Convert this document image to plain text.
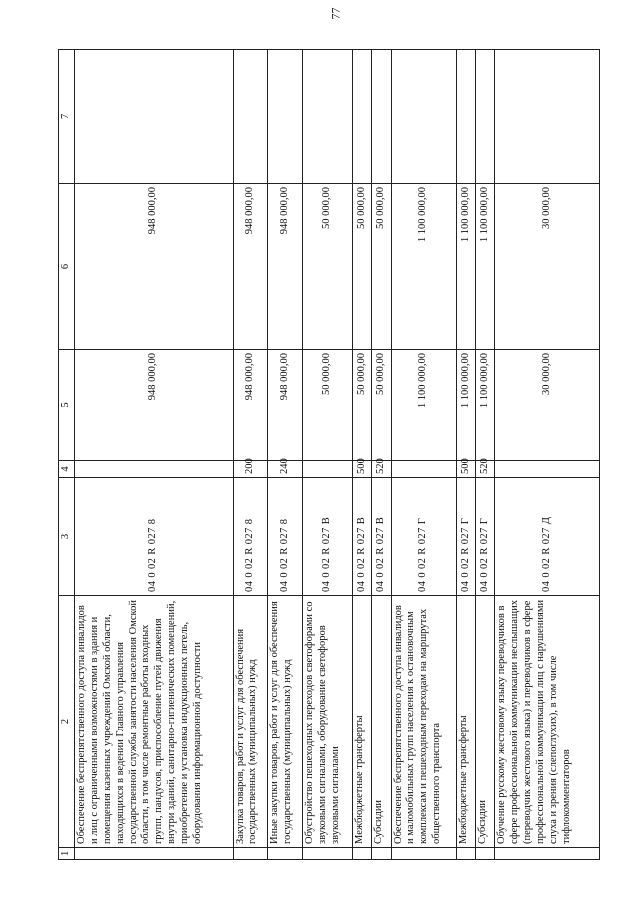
77
1	2	3	4	5	6	7
	Обеспечение беспрепятственного доступа инвалидов и лиц с ограниченными возможностями в здания и помещения казенных учреждений Омской области, находящихся в ведении Главного управления государственной службы занятости населения Омской области, в том числе ремонтные работы входных групп, пандусов, приспособление путей движения внутри зданий, санитарно-гигиенических помещений, приобретение и установка индукционных петель, оборудования информационной доступности	04 0 02 R 027 8		948 000,00	948 000,00	
	Закупка товаров, работ и услуг для обеспечения государственных (муниципальных) нужд	04 0 02 R 027 8	200	948 000,00	948 000,00	
	Иные закупки товаров, работ и услуг для обеспечения государственных (муниципальных) нужд	04 0 02 R 027 8	240	948 000,00	948 000,00	
	Обустройство пешеходных переходов светофорами со звуковыми сигналами, оборудование светофоров звуковыми сигналами	04 0 02 R 027 В		50 000,00	50 000,00	
	Межбюджетные трансферты	04 0 02 R 027 В	500	50 000,00	50 000,00	
	Субсидии	04 0 02 R 027 В	520	50 000,00	50 000,00	
	Обеспечение беспрепятственного доступа инвалидов и маломобильных групп населения к остановочным комплексам и пешеходным переходам на маршрутах общественного транспорта	04 0 02 R 027 Г		1 100 000,00	1 100 000,00	
	Межбюджетные трансферты	04 0 02 R 027 Г	500	1 100 000,00	1 100 000,00	
	Субсидии	04 0 02 R 027 Г	520	1 100 000,00	1 100 000,00	
	Обучение русскому жестовому языку переводчиков в сфере профессиональной коммуникации неслышащих (переводчик жестового языка) и переводчиков в сфере профессиональной коммуникации лиц с нарушениями слуха и зрения (слепоглухих), в том числе тифлокомментаторов	04 0 02 R 027 Д		30 000,00	30 000,00	
